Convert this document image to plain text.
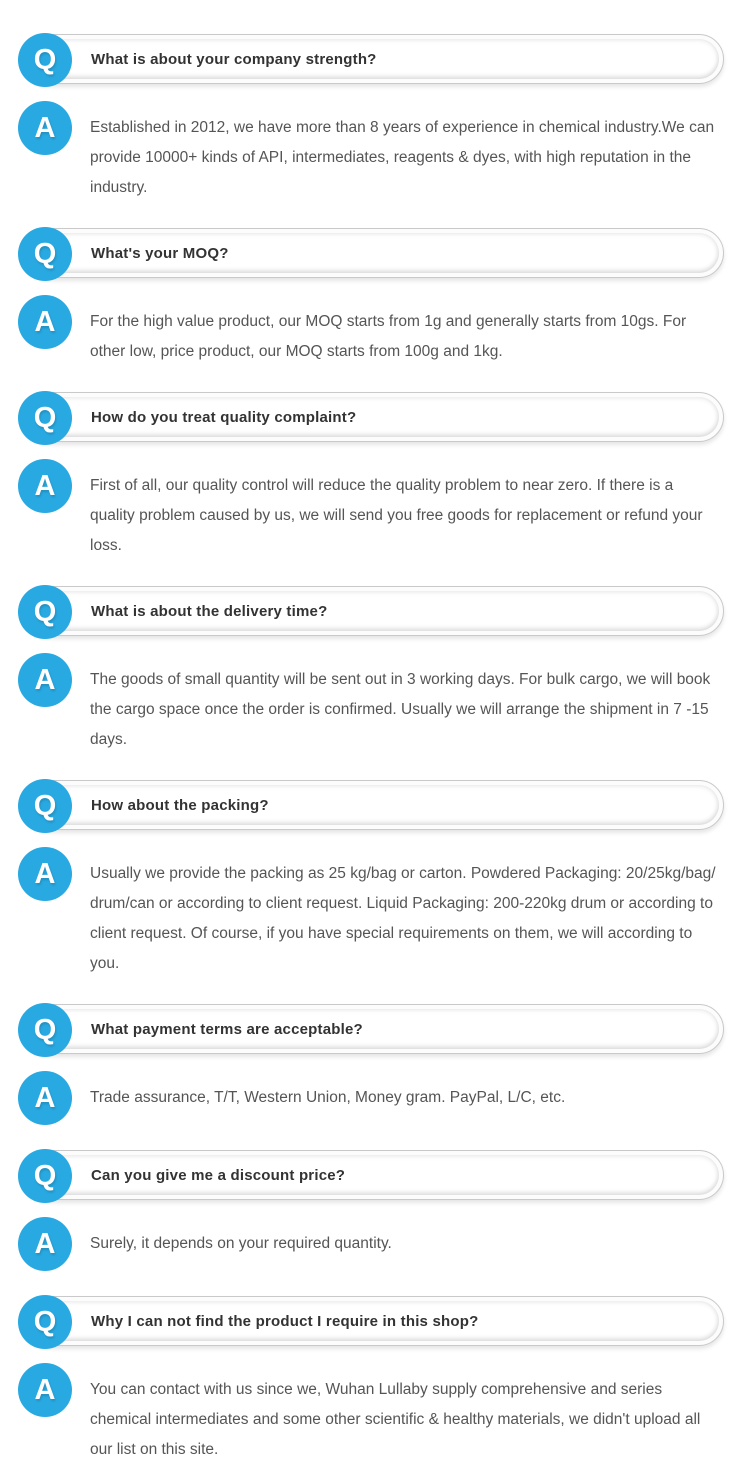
What is about your company strength?
Q
A	Established in 2012, we have more than 8 years of experience in chemical industry.We can provide 10000+ kinds of API, intermediates, reagents & dyes, with high reputation in the industry.

What's your MOQ?
Q
A	For the high value product, our MOQ starts from 1g and generally starts from 10gs. For other low, price product, our MOQ starts from 100g and 1kg.

How do you treat quality complaint?
Q
A	First of all, our quality control will reduce the quality problem to near zero. If there is a quality problem caused by us, we will send you free goods for replacement or refund your loss.

What is about the delivery time?
Q
A	The goods of small quantity will be sent out in 3 working days. For bulk cargo, we will book the cargo space once the order is confirmed. Usually we will arrange the shipment in 7 -15 days.

How about the packing?
Q
A	Usually we provide the packing as 25 kg/bag or carton. Powdered Packaging: 20/25kg/bag/ drum/can or according to client request. Liquid Packaging: 200-220kg drum or according to client request. Of course, if you have special requirements on them, we will according to you.

What payment terms are acceptable?
Q
A	Trade assurance, T/T, Western Union, Money gram. PayPal, L/C, etc.

Can you give me a discount price?
Q
A	Surely, it depends on your required quantity.

Why I can not find the product I require in this shop?
Q
A	You can contact with us since we, Wuhan Lullaby supply comprehensive and series chemical intermediates and some other scientific & healthy materials, we didn't upload all our list on this site.
